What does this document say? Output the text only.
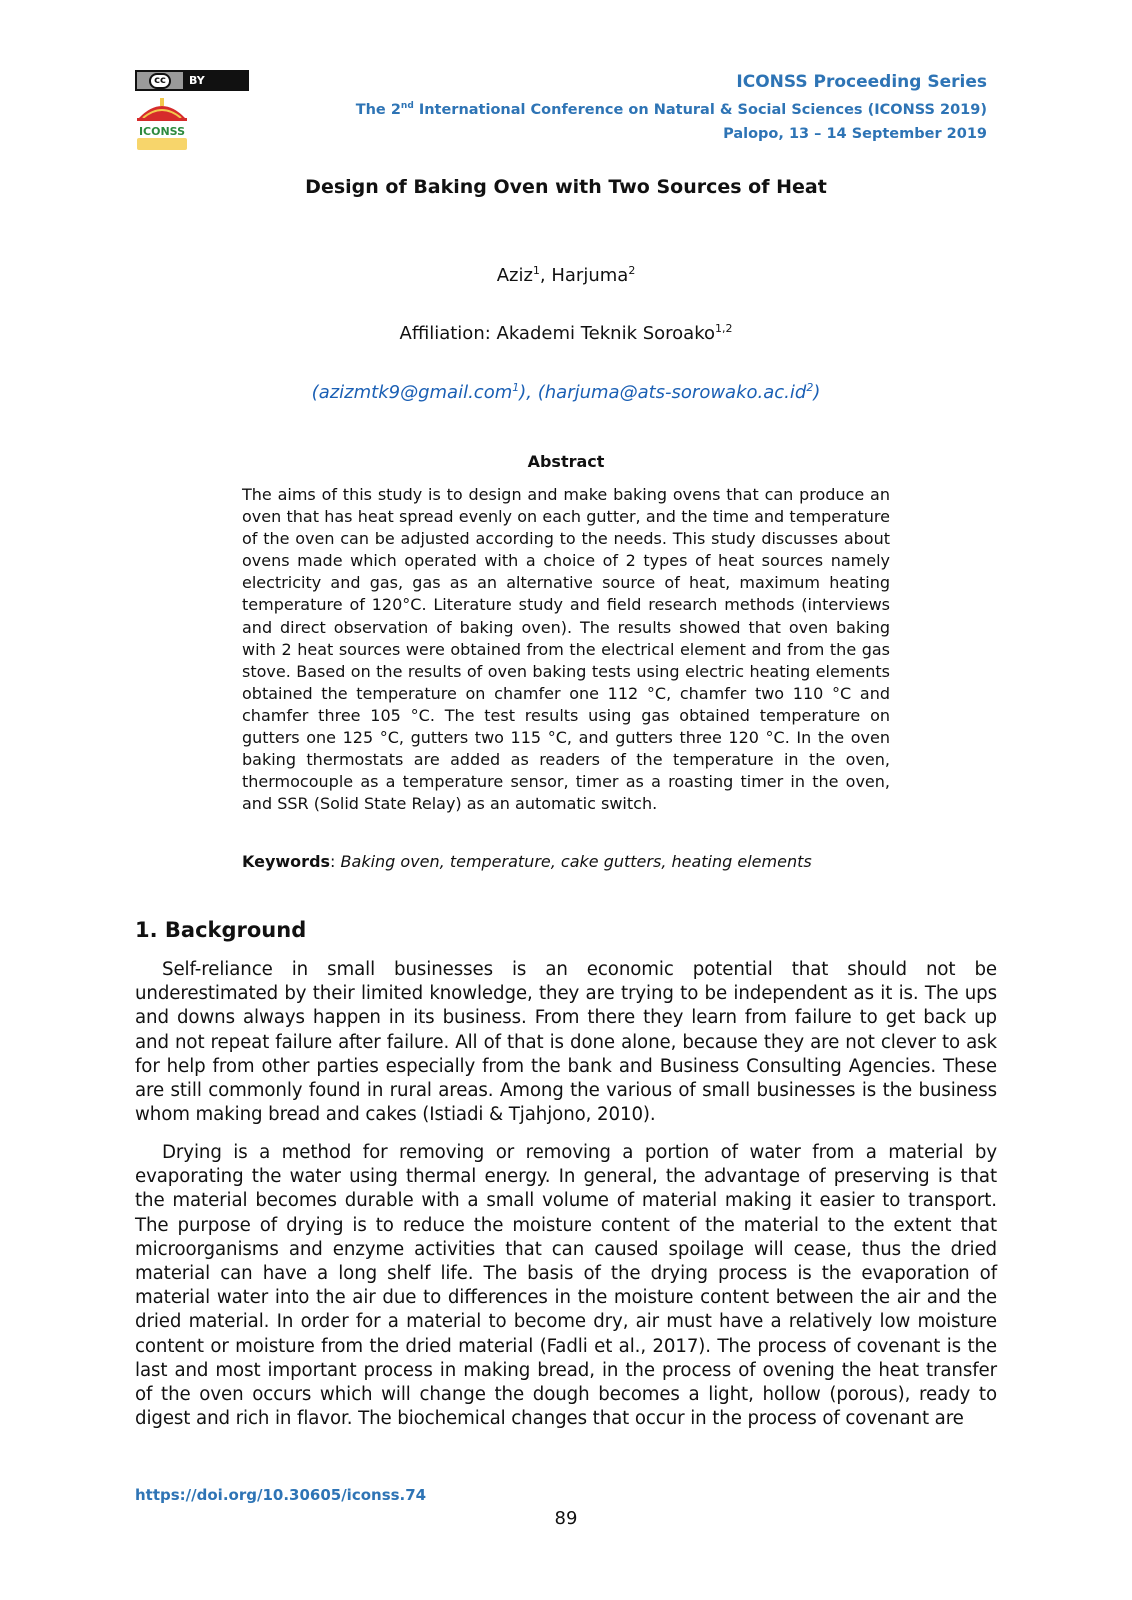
cc	BY
ICONSS
ICONSS Proceeding Series
The 2nd International Conference on Natural & Social Sciences (ICONSS 2019)
Palopo, 13 – 14 September 2019
Design of Baking Oven with Two Sources of Heat
Aziz$^1$, Harjuma$^2$
Affiliation: Akademi Teknik Soroako$^{1,2}$
(azizmtk9@gmail.com$^1$), $(harjuma@ats-sorowako.ac.id^2)$
Abstract
The aims of this study is to design and make baking ovens that can produce an oven that has heat spread evenly on each gutter, and the time and temperature of the oven can be adjusted according to the needs. This study discusses about ovens made which operated with a choice of 2 types of heat sources namely electricity and gas, gas as an alternative source of heat, maximum heating temperature of 120°C. Literature study and field research methods (interviews and direct observation of baking oven). The results showed that oven baking with 2 heat sources were obtained from the electrical element and from the gas stove. Based on the results of oven baking tests using electric heating elements obtained the temperature on chamfer one 112 °C, chamfer two 110 °C and chamfer three 105 °C. The test results using gas obtained temperature on gutters one 125 °C, gutters two 115 °C, and gutters three 120 °C. In the oven baking thermostats are added as readers of the temperature in the oven, thermocouple as a temperature sensor, timer as a roasting timer in the oven, and SSR (Solid State Relay) as an automatic switch.
Keywords: Baking oven, temperature, cake gutters, heating elements
1. Background
Self-reliance in small businesses is an economic potential that should not be underestimated by their limited knowledge, they are trying to be independent as it is. The ups and downs always happen in its business. From there they learn from failure to get back up and not repeat failure after failure. All of that is done alone, because they are not clever to ask for help from other parties especially from the bank and Business Consulting Agencies. These are still commonly found in rural areas. Among the various of small businesses is the business whom making bread and cakes (Istiadi & Tjahjono, 2010).
Drying is a method for removing or removing a portion of water from a material by evaporating the water using thermal energy. In general, the advantage of preserving is that the material becomes durable with a small volume of material making it easier to transport. The purpose of drying is to reduce the moisture content of the material to the extent that microorganisms and enzyme activities that can caused spoilage will cease, thus the dried material can have a long shelf life. The basis of the drying process is the evaporation of material water into the air due to differences in the moisture content between the air and the dried material. In order for a material to become dry, air must have a relatively low moisture content or moisture from the dried material (Fadli et al., 2017). The process of covenant is the last and most important process in making bread, in the process of ovening the heat transfer of the oven occurs which will change the dough becomes a light, hollow (porous), ready to digest and rich in flavor. The biochemical changes that occur in the process of covenant are
https://doi.org/10.30605/iconss.74
89
